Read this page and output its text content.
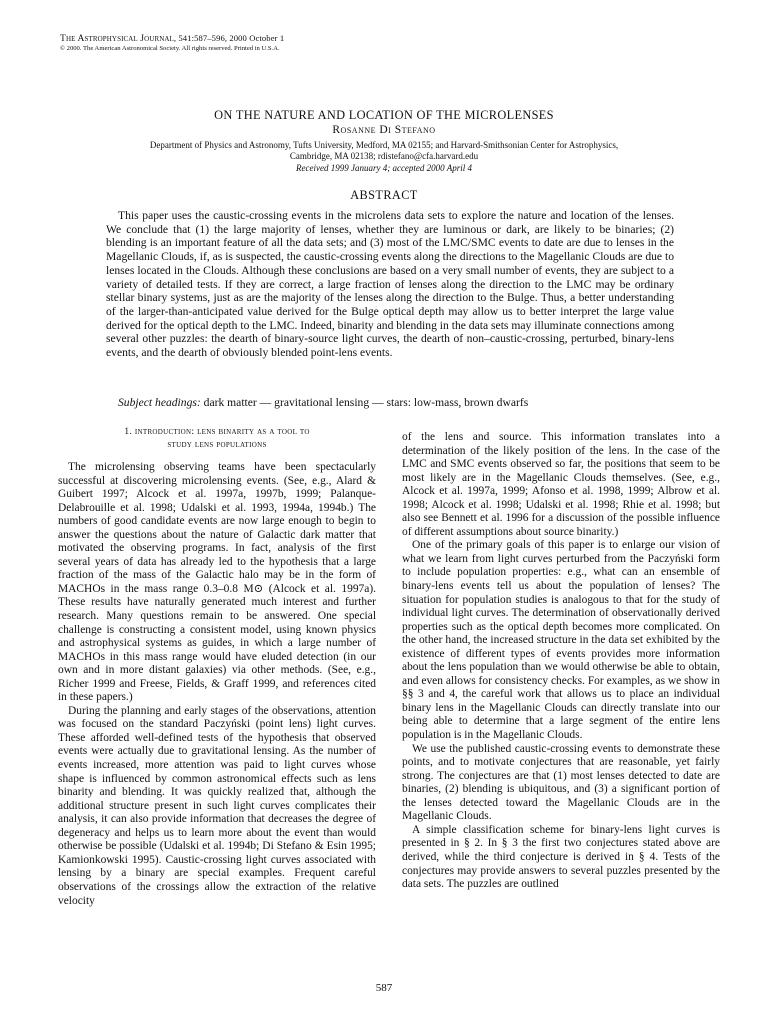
The Astrophysical Journal, 541:587–596, 2000 October 1
© 2000. The American Astronomical Society. All rights reserved. Printed in U.S.A.
ON THE NATURE AND LOCATION OF THE MICROLENSES
Rosanne Di Stefano
Department of Physics and Astronomy, Tufts University, Medford, MA 02155; and Harvard-Smithsonian Center for Astrophysics,
Cambridge, MA 02138; rdistefano@cfa.harvard.edu
Received 1999 January 4; accepted 2000 April 4
ABSTRACT
This paper uses the caustic-crossing events in the microlens data sets to explore the nature and location of the lenses. We conclude that (1) the large majority of lenses, whether they are luminous or dark, are likely to be binaries; (2) blending is an important feature of all the data sets; and (3) most of the LMC/SMC events to date are due to lenses in the Magellanic Clouds, if, as is suspected, the caustic-crossing events along the directions to the Magellanic Clouds are due to lenses located in the Clouds. Although these conclusions are based on a very small number of events, they are subject to a variety of detailed tests. If they are correct, a large fraction of lenses along the direction to the LMC may be ordinary stellar binary systems, just as are the majority of the lenses along the direction to the Bulge. Thus, a better understanding of the larger-than-anticipated value derived for the Bulge optical depth may allow us to better interpret the large value derived for the optical depth to the LMC. Indeed, binarity and blending in the data sets may illuminate connections among several other puzzles: the dearth of binary-source light curves, the dearth of non–caustic-crossing, perturbed, binary-lens events, and the dearth of obviously blended point-lens events.
Subject headings: dark matter — gravitational lensing — stars: low-mass, brown dwarfs
1. introduction: lens binarity as a tool to
study lens populations

The microlensing observing teams have been spectacularly successful at discovering microlensing events. (See, e.g., Alard & Guibert 1997; Alcock et al. 1997a, 1997b, 1999; Palanque-Delabrouille et al. 1998; Udalski et al. 1993, 1994a, 1994b.) The numbers of good candidate events are now large enough to begin to answer the questions about the nature of Galactic dark matter that motivated the observing programs. In fact, analysis of the first several years of data has already led to the hypothesis that a large fraction of the mass of the Galactic halo may be in the form of MACHOs in the mass range 0.3–0.8 M⊙ (Alcock et al. 1997a). These results have naturally generated much interest and further research. Many questions remain to be answered. One special challenge is constructing a consistent model, using known physics and astrophysical systems as guides, in which a large number of MACHOs in this mass range would have eluded detection (in our own and in more distant galaxies) via other methods. (See, e.g., Richer 1999 and Freese, Fields, & Graff 1999, and references cited in these papers.)

During the planning and early stages of the observations, attention was focused on the standard Paczyński (point lens) light curves. These afforded well-defined tests of the hypothesis that observed events were actually due to gravitational lensing. As the number of events increased, more attention was paid to light curves whose shape is influenced by common astronomical effects such as lens binarity and blending. It was quickly realized that, although the additional structure present in such light curves complicates their analysis, it can also provide information that decreases the degree of degeneracy and helps us to learn more about the event than would otherwise be possible (Udalski et al. 1994b; Di Stefano & Esin 1995; Kamionkowski 1995). Caustic-crossing light curves associated with lensing by a binary are special examples. Frequent careful observations of the crossings allow the extraction of the relative velocity

of the lens and source. This information translates into a determination of the likely position of the lens. In the case of the LMC and SMC events observed so far, the positions that seem to be most likely are in the Magellanic Clouds themselves. (See, e.g., Alcock et al. 1997a, 1999; Afonso et al. 1998, 1999; Albrow et al. 1998; Alcock et al. 1998; Udalski et al. 1998; Rhie et al. 1998; but also see Bennett et al. 1996 for a discussion of the possible influence of different assumptions about source binarity.)

One of the primary goals of this paper is to enlarge our vision of what we learn from light curves perturbed from the Paczyński form to include population properties: e.g., what can an ensemble of binary-lens events tell us about the population of lenses? The situation for population studies is analogous to that for the study of individual light curves. The determination of observationally derived properties such as the optical depth becomes more complicated. On the other hand, the increased structure in the data set exhibited by the existence of different types of events provides more information about the lens population than we would otherwise be able to obtain, and even allows for consistency checks. For examples, as we show in §§ 3 and 4, the careful work that allows us to place an individual binary lens in the Magellanic Clouds can directly translate into our being able to determine that a large segment of the entire lens population is in the Magellanic Clouds.

We use the published caustic-crossing events to demonstrate these points, and to motivate conjectures that are reasonable, yet fairly strong. The conjectures are that (1) most lenses detected to date are binaries, (2) blending is ubiquitous, and (3) a significant portion of the lenses detected toward the Magellanic Clouds are in the Magellanic Clouds.

A simple classification scheme for binary-lens light curves is presented in § 2. In § 3 the first two conjectures stated above are derived, while the third conjecture is derived in § 4. Tests of the conjectures may provide answers to several puzzles presented by the data sets. The puzzles are outlined

587
